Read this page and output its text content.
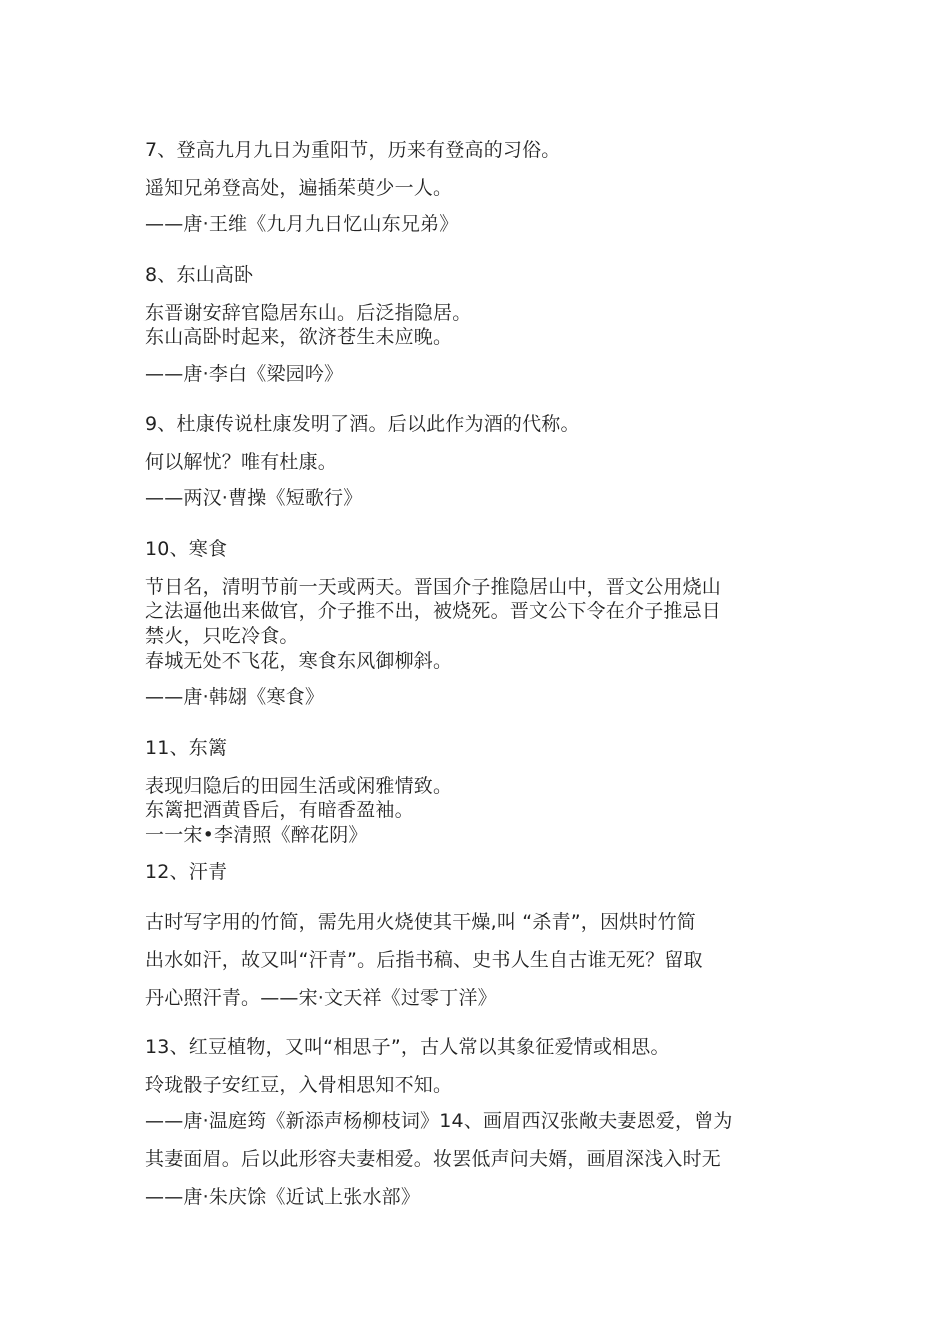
7、登高九月九日为重阳节，历来有登高的习俗。
遥知兄弟登高处，遍插茱萸少一人。
——唐·王维《九月九日忆山东兄弟》
8、东山高卧
东晋谢安辞官隐居东山。后泛指隐居。
东山高卧时起来，欲济苍生未应晚。
——唐·李白《梁园吟》
9、杜康传说杜康发明了酒。后以此作为酒的代称。
何以解忧？唯有杜康。
——两汉·曹操《短歌行》
10、寒食
节日名，清明节前一天或两天。晋国介子推隐居山中，晋文公用烧山
之法逼他出来做官，介子推不出，被烧死。晋文公下令在介子推忌日
禁火，只吃冷食。
春城无处不飞花，寒食东风御柳斜。
——唐·韩翃《寒食》
11、东篱
表现归隐后的田园生活或闲雅情致。
东篱把酒黄昏后，有暗香盈袖。
一一宋•李清照《醉花阴》
12、汗青
古时写字用的竹简，需先用火烧使其干燥,叫 “杀青”，因烘时竹简
出水如汗，故又叫“汗青”。后指书稿、史书人生自古谁无死？留取
丹心照汗青。——宋·文天祥《过零丁洋》
13、红豆植物，又叫“相思子”，古人常以其象征爱情或相思。
玲珑骰子安红豆，入骨相思知不知。
——唐·温庭筠《新添声杨柳枝词》14、画眉西汉张敞夫妻恩爱，曾为
其妻面眉。后以此形容夫妻相爱。妆罢低声问夫婿，画眉深浅入时无
——唐·朱庆馀《近试上张水部》
